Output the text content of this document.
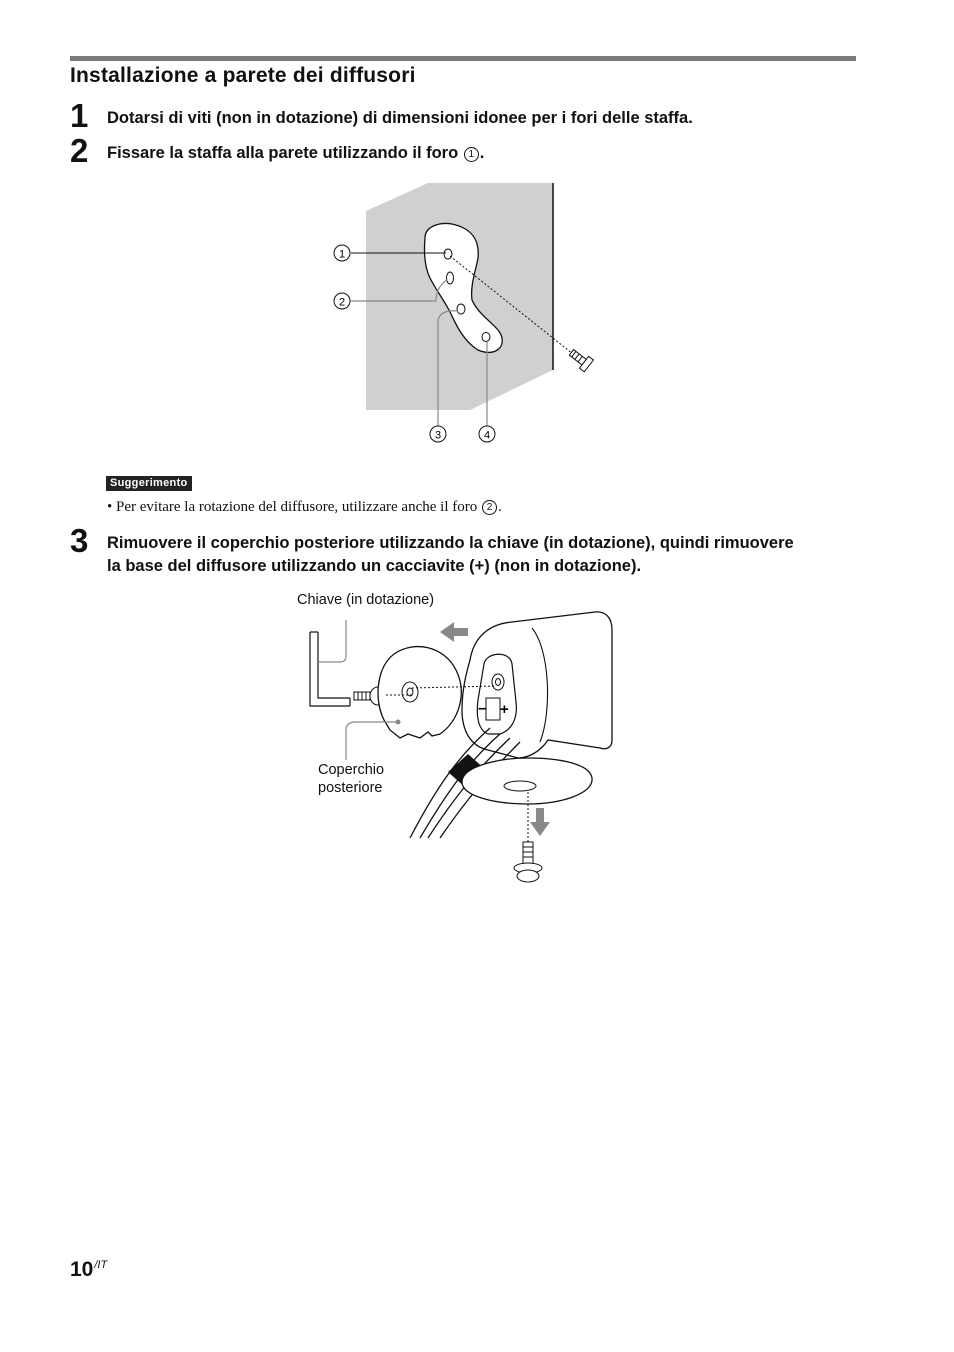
Installazione a parete dei diffusori
1 Dotarsi di viti (non in dotazione) di dimensioni idonee per i fori delle staffa.
2 Fissare la staffa alla parete utilizzando il foro 1 .
1
2
3	4
Suggerimento
• Per evitare la rotazione del diffusore, utilizzare anche il foro 2 .
3 Rimuovere il coperchio posteriore utilizzando la chiave (in dotazione), quindi rimuovere
la base del diffusore utilizzando un cacciavite (+) (non in dotazione).
Chiave (in dotazione)
Coperchio
posteriore
– +
$10^{/IT}$
